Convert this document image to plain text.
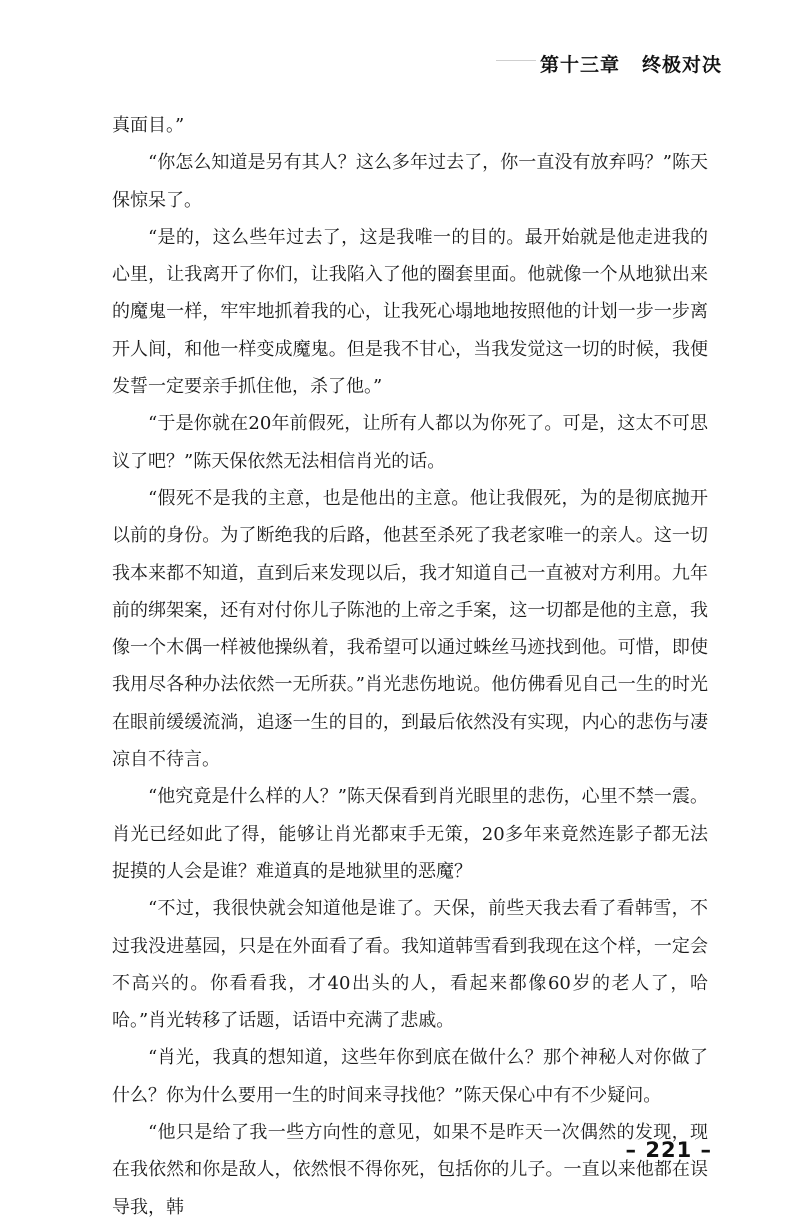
第十三章 终极对决

真面目。”

“你怎么知道是另有其人？这么多年过去了，你一直没有放弃吗？”陈天保惊呆了。

“是的，这么些年过去了，这是我唯一的目的。最开始就是他走进我的心里，让我离开了你们，让我陷入了他的圈套里面。他就像一个从地狱出来的魔鬼一样，牢牢地抓着我的心，让我死心塌地地按照他的计划一步一步离开人间，和他一样变成魔鬼。但是我不甘心，当我发觉这一切的时候，我便发誓一定要亲手抓住他，杀了他。”

“于是你就在20年前假死，让所有人都以为你死了。可是，这太不可思议了吧？”陈天保依然无法相信肖光的话。

“假死不是我的主意，也是他出的主意。他让我假死，为的是彻底抛开以前的身份。为了断绝我的后路，他甚至杀死了我老家唯一的亲人。这一切我本来都不知道，直到后来发现以后，我才知道自己一直被对方利用。九年前的绑架案，还有对付你儿子陈池的上帝之手案，这一切都是他的主意，我像一个木偶一样被他操纵着，我希望可以通过蛛丝马迹找到他。可惜，即使我用尽各种办法依然一无所获。”肖光悲伤地说。他仿佛看见自己一生的时光在眼前缓缓流淌，追逐一生的目的，到最后依然没有实现，内心的悲伤与凄凉自不待言。

“他究竟是什么样的人？”陈天保看到肖光眼里的悲伤，心里不禁一震。肖光已经如此了得，能够让肖光都束手无策，20多年来竟然连影子都无法捉摸的人会是谁？难道真的是地狱里的恶魔？

“不过，我很快就会知道他是谁了。天保，前些天我去看了看韩雪，不过我没进墓园，只是在外面看了看。我知道韩雪看到我现在这个样，一定会不高兴的。你看看我，才40出头的人，看起来都像60岁的老人了，哈哈。”肖光转移了话题，话语中充满了悲戚。

“肖光，我真的想知道，这些年你到底在做什么？那个神秘人对你做了什么？你为什么要用一生的时间来寻找他？”陈天保心中有不少疑问。

“他只是给了我一些方向性的意见，如果不是昨天一次偶然的发现，现在我依然和你是敌人，依然恨不得你死，包括你的儿子。一直以来他都在误导我，韩

– 221 –
